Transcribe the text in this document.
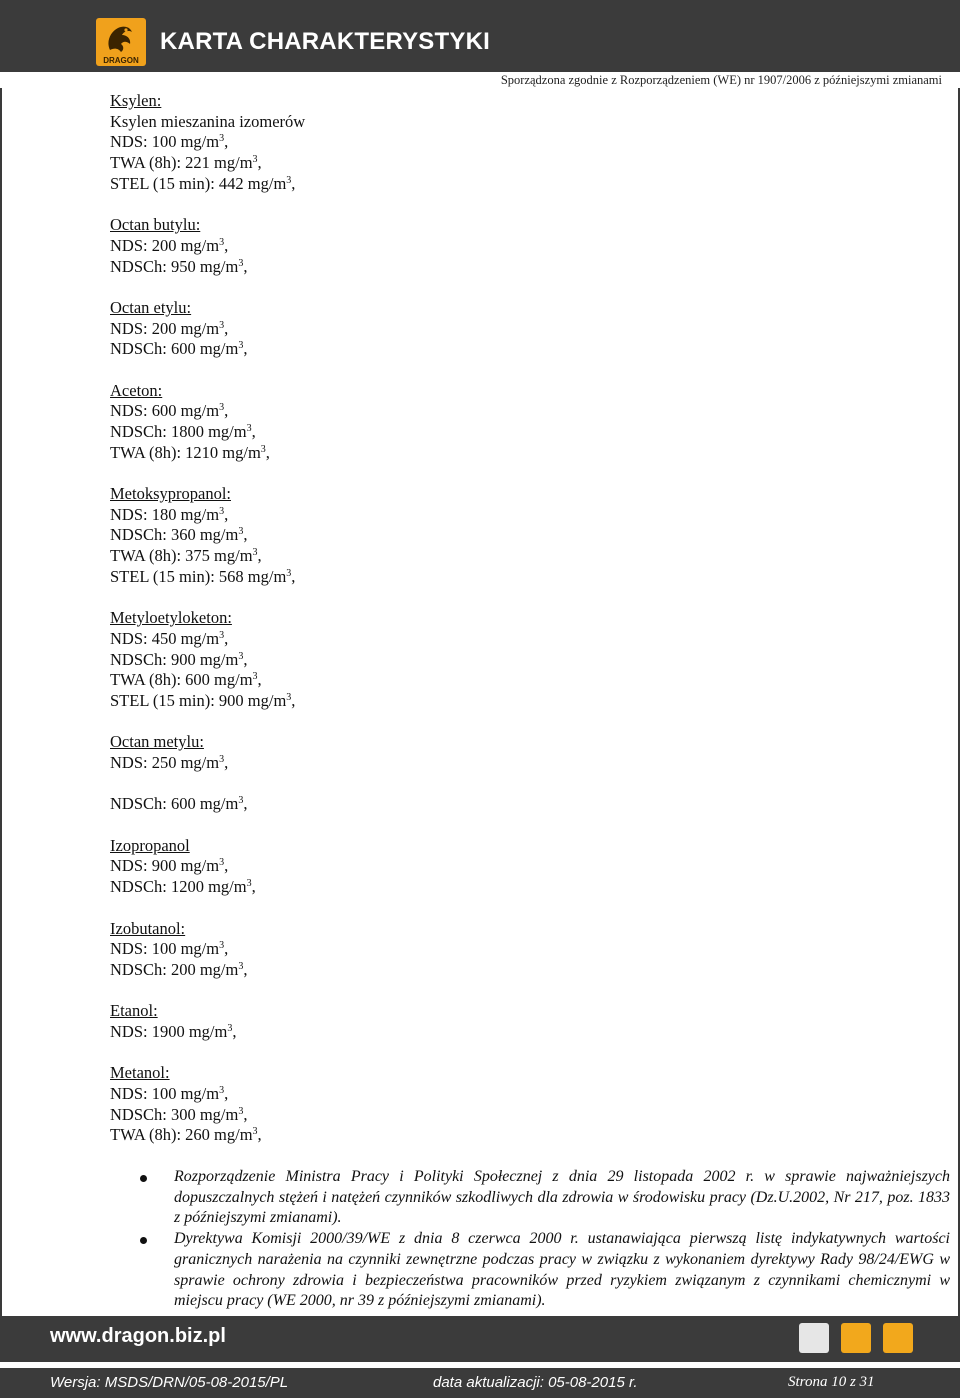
DRAGON
KARTA CHARAKTERYSTYKI
Sporządzona zgodnie z Rozporządzeniem (WE) nr 1907/2006 z późniejszymi zmianami
Ksylen:
Ksylen mieszanina izomerów
NDS: 100 $mg/m^3$,
TWA (8h): 221 $mg/m^3$,
STEL (15 min): 442 $mg/m^3$,
Octan butylu:
NDS: 200 $mg/m^3$,
NDSCh: 950 $mg/m^3$,
Octan etylu:
NDS: 200 $mg/m^3$,
NDSCh: 600 $mg/m^3$,
Aceton:
NDS: 600 $mg/m^3$,
NDSCh: 1800 $mg/m^3$,
TWA (8h): 1210 $mg/m^3$,
Metoksypropanol:
NDS: 180 $mg/m^3$,
NDSCh: 360 $mg/m^3$,
TWA (8h): 375 $mg/m^3$,
STEL (15 min): 568 $mg/m^3$,
Metyloetyloketon:
NDS: 450 $mg/m^3$,
NDSCh: 900 $mg/m^3$,
TWA (8h): 600 $mg/m^3$,
STEL (15 min): 900 $mg/m^3$,
Octan metylu:
NDS: 250 $mg/m^3$,
NDSCh: 600 $mg/m^3$,
Izopropanol
NDS: 900 $mg/m^3$,
NDSCh: 1200 $mg/m^3$,
Izobutanol:
NDS: 100 $mg/m^3$,
NDSCh: 200 $mg/m^3$,
Etanol:
NDS: 1900 $mg/m^3$,
Metanol:
NDS: 100 $mg/m^3$,
NDSCh: 300 $mg/m^3$,
TWA (8h): 260 $mg/m^3$,
Rozporządzenie Ministra Pracy i Polityki Społecznej z dnia 29 listopada 2002 r. w sprawie najważniejszych dopuszczalnych stężeń i natężeń czynników szkodliwych dla zdrowia w środowisku pracy (Dz.U.2002, Nr 217, poz. 1833 z późniejszymi zmianami).
Dyrektywa Komisji 2000/39/WE z dnia 8 czerwca 2000 r. ustanawiająca pierwszą listę indykatywnych wartości granicznych narażenia na czynniki zewnętrzne podczas pracy w związku z wykonaniem dyrektywy Rady 98/24/EWG w sprawie ochrony zdrowia i bezpieczeństwa pracowników przed ryzykiem związanym z czynnikami chemicznymi w miejscu pracy (WE 2000, nr 39 z późniejszymi zmianami).
www.dragon.biz.pl
Wersja: MSDS/DRN/05-08-2015/PL	data aktualizacji: 05-08-2015 r.	Strona 10 z 31
